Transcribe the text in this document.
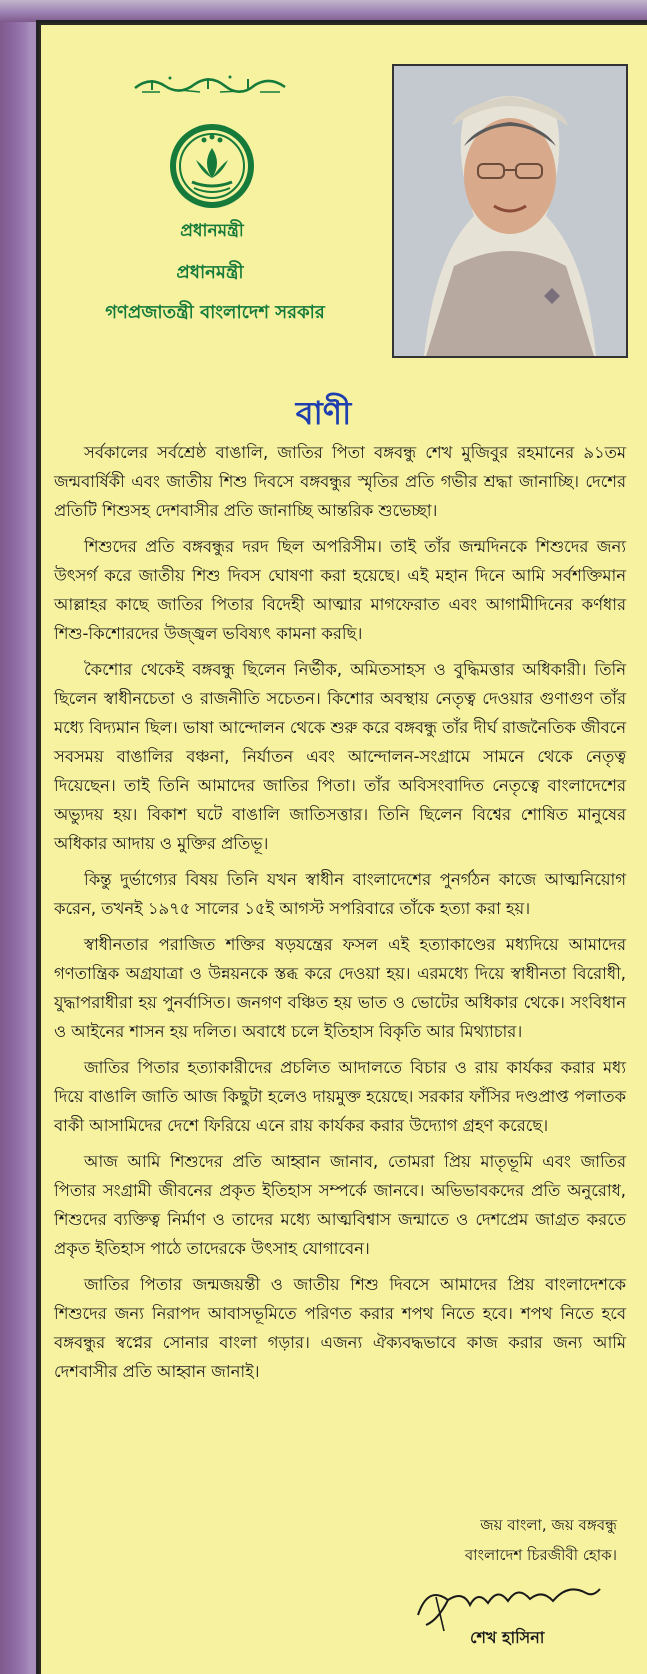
প্রধানমন্ত্রী
প্রধানমন্ত্রী
গণপ্রজাতন্ত্রী বাংলাদেশ সরকার
বাণী

সর্বকালের সর্বশ্রেষ্ঠ বাঙালি, জাতির পিতা বঙ্গবন্ধু শেখ মুজিবুর রহমানের ৯১তম জন্মবার্ষিকী এবং জাতীয় শিশু দিবসে বঙ্গবন্ধুর স্মৃতির প্রতি গভীর শ্রদ্ধা জানাচ্ছি। দেশের প্রতিটি শিশুসহ দেশবাসীর প্রতি জানাচ্ছি আন্তরিক শুভেচ্ছা।

শিশুদের প্রতি বঙ্গবন্ধুর দরদ ছিল অপরিসীম। তাই তাঁর জন্মদিনকে শিশুদের জন্য উৎসর্গ করে জাতীয় শিশু দিবস ঘোষণা করা হয়েছে। এই মহান দিনে আমি সর্বশক্তিমান আল্লাহর কাছে জাতির পিতার বিদেহী আত্মার মাগফেরাত এবং আগামীদিনের কর্ণধার শিশু-কিশোরদের উজ্জ্বল ভবিষ্যৎ কামনা করছি।

কৈশোর থেকেই বঙ্গবন্ধু ছিলেন নির্ভীক, অমিতসাহস ও বুদ্ধিমত্তার অধিকারী। তিনি ছিলেন স্বাধীনচেতা ও রাজনীতি সচেতন। কিশোর অবস্থায় নেতৃত্ব দেওয়ার গুণাগুণ তাঁর মধ্যে বিদ্যমান ছিল। ভাষা আন্দোলন থেকে শুরু করে বঙ্গবন্ধু তাঁর দীর্ঘ রাজনৈতিক জীবনে সবসময় বাঙালির বঞ্চনা, নির্যাতন এবং আন্দোলন-সংগ্রামে সামনে থেকে নেতৃত্ব দিয়েছেন। তাই তিনি আমাদের জাতির পিতা। তাঁর অবিসংবাদিত নেতৃত্বে বাংলাদেশের অভ্যুদয় হয়। বিকাশ ঘটে বাঙালি জাতিসত্তার। তিনি ছিলেন বিশ্বের শোষিত মানুষের অধিকার আদায় ও মুক্তির প্রতিভূ।

কিন্তু দুর্ভাগ্যের বিষয় তিনি যখন স্বাধীন বাংলাদেশের পুনর্গঠন কাজে আত্মনিয়োগ করেন, তখনই ১৯৭৫ সালের ১৫ই আগস্ট সপরিবারে তাঁকে হত্যা করা হয়।

স্বাধীনতার পরাজিত শক্তির ষড়যন্ত্রের ফসল এই হত্যাকাণ্ডের মধ্যদিয়ে আমাদের গণতান্ত্রিক অগ্রযাত্রা ও উন্নয়নকে স্তব্ধ করে দেওয়া হয়। এরমধ্যে দিয়ে স্বাধীনতা বিরোধী, যুদ্ধাপরাধীরা হয় পুনর্বাসিত। জনগণ বঞ্চিত হয় ভাত ও ভোটের অধিকার থেকে। সংবিধান ও আইনের শাসন হয় দলিত। অবাধে চলে ইতিহাস বিকৃতি আর মিথ্যাচার।

জাতির পিতার হত্যাকারীদের প্রচলিত আদালতে বিচার ও রায় কার্যকর করার মধ্য দিয়ে বাঙালি জাতি আজ কিছুটা হলেও দায়মুক্ত হয়েছে। সরকার ফাঁসির দণ্ডপ্রাপ্ত পলাতক বাকী আসামিদের দেশে ফিরিয়ে এনে রায় কার্যকর করার উদ্যোগ গ্রহণ করেছে।

আজ আমি শিশুদের প্রতি আহ্বান জানাব, তোমরা প্রিয় মাতৃভূমি এবং জাতির পিতার সংগ্রামী জীবনের প্রকৃত ইতিহাস সম্পর্কে জানবে। অভিভাবকদের প্রতি অনুরোধ, শিশুদের ব্যক্তিত্ব নির্মাণ ও তাদের মধ্যে আত্মবিশ্বাস জন্মাতে ও দেশপ্রেম জাগ্রত করতে প্রকৃত ইতিহাস পাঠে তাদেরকে উৎসাহ যোগাবেন।

জাতির পিতার জন্মজয়ন্তী ও জাতীয় শিশু দিবসে আমাদের প্রিয় বাংলাদেশকে শিশুদের জন্য নিরাপদ আবাসভূমিতে পরিণত করার শপথ নিতে হবে। শপথ নিতে হবে বঙ্গবন্ধুর স্বপ্নের সোনার বাংলা গড়ার। এজন্য ঐক্যবদ্ধভাবে কাজ করার জন্য আমি দেশবাসীর প্রতি আহ্বান জানাই।

জয় বাংলা, জয় বঙ্গবন্ধু
বাংলাদেশ চিরজীবী হোক।
শেখ হাসিনা
